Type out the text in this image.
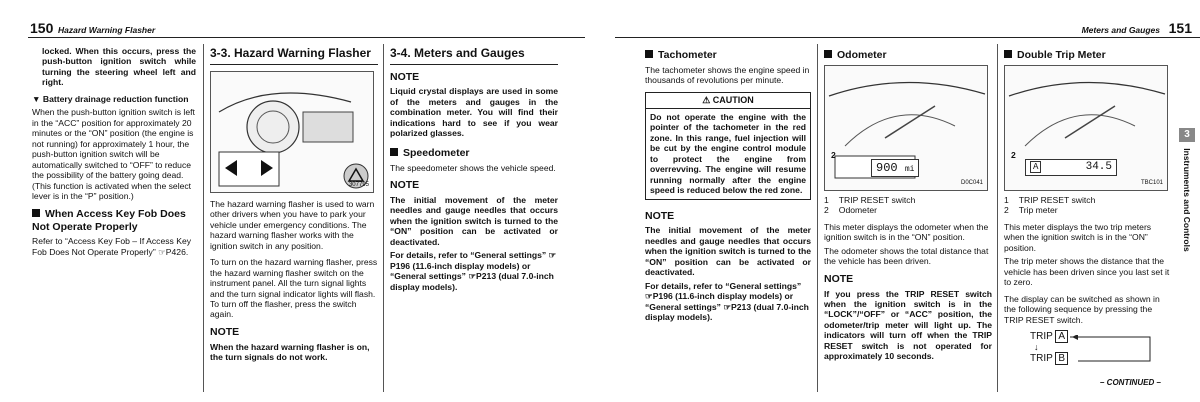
150 Hazard Warning Flasher	Meters and Gauges 151

locked. When this occurs, press the push-button ignition switch while turning the steering wheel left and right.

▼ Battery drainage reduction function

When the push-button ignition switch is left in the “ACC” position for approximately 20 minutes or the “ON” position (the engine is not running) for approximately 1 hour, the push-button ignition switch will be automatically switched to “OFF” to reduce the possibility of the battery going dead. (This function is activated when the select lever is in the “P” position.)

When Access Key Fob Does Not Operate Properly

Refer to “Access Key Fob – If Access Key Fob Does Not Operate Properly” ☞P426.

3-3. Hazard Warning Flasher
307795

The hazard warning flasher is used to warn other drivers when you have to park your vehicle under emergency conditions. The hazard warning flasher works with the ignition switch in any position.

To turn on the hazard warning flasher, press the hazard warning flasher switch on the instrument panel. All the turn signal lights and the turn signal indicator lights will flash. To turn off the flasher, press the switch again.

NOTE

When the hazard warning flasher is on, the turn signals do not work.

3-4. Meters and Gauges
NOTE

Liquid crystal displays are used in some of the meters and gauges in the combination meter. You will find their indications hard to see if you wear polarized glasses.

Speedometer

The speedometer shows the vehicle speed.

NOTE

The initial movement of the meter needles and gauge needles that occurs when the ignition switch is turned to the “ON” position can be activated or deactivated.

For details, refer to “General settings” ☞P196 (11.6-inch display models) or “General settings” ☞P213 (dual 7.0-inch display models).

Tachometer

The tachometer shows the engine speed in thousands of revolutions per minute.

⚠ CAUTION
Do not operate the engine with the pointer of the tachometer in the red zone. In this range, fuel injection will be cut by the engine control module to protect the engine from overrevving. The engine will resume running normally after the engine speed is reduced below the red zone.
NOTE

The initial movement of the meter needles and gauge needles that occurs when the ignition switch is turned to the “ON” position can be activated or deactivated.

For details, refer to “General settings” ☞P196 (11.6-inch display models) or “General settings” ☞P213 (dual 7.0-inch display models).

Odometer
2
900 mi
D0C041
1 TRIP RESET switch
2 Odometer

This meter displays the odometer when the ignition switch is in the “ON” position.

The odometer shows the total distance that the vehicle has been driven.

NOTE

If you press the TRIP RESET switch when the ignition switch is in the “LOCK”/“OFF” or “ACC” position, the odometer/trip meter will light up. The indicators will turn off when the TRIP RESET switch is not operated for approximately 10 seconds.

Double Trip Meter
2
A	34.5
TBC101
1 TRIP RESET switch
2 Trip meter

This meter displays the two trip meters when the ignition switch is in the “ON” position.

The trip meter shows the distance that the vehicle has been driven since you last set it to zero.

The display can be switched as shown in the following sequence by pressing the TRIP RESET switch.

TRIP A
↓
TRIP B
– CONTINUED –
3
Instruments and Controls
